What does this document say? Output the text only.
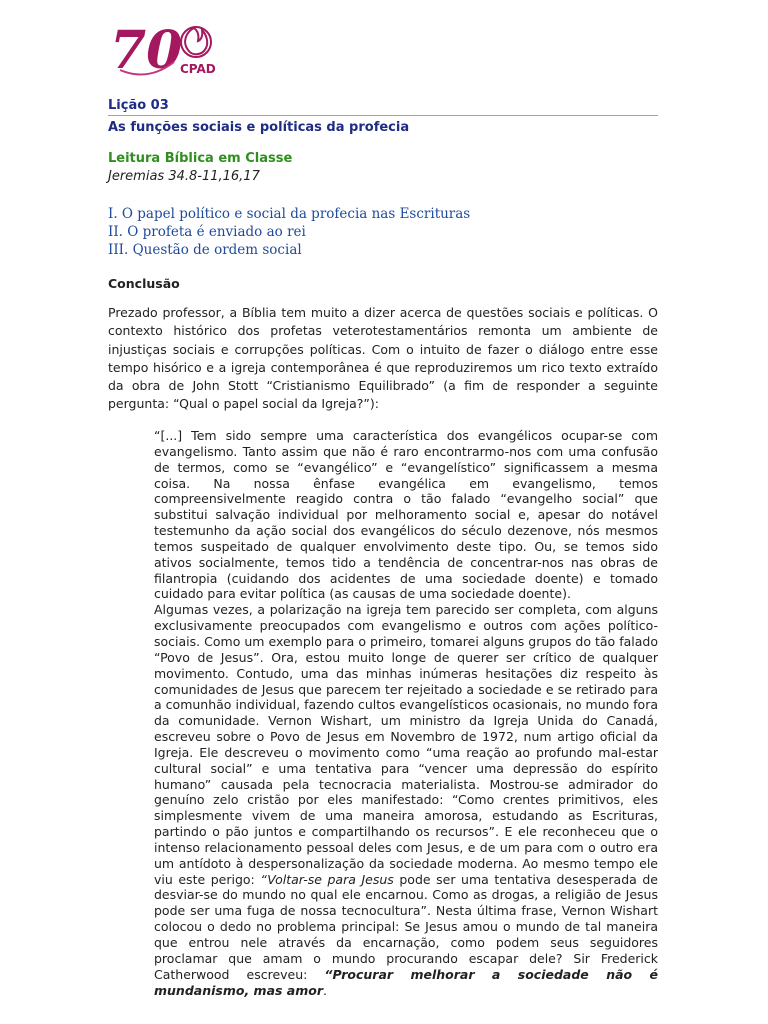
70
CPAD
Lição 03
As funções sociais e políticas da profecia
Leitura Bíblica em Classe
Jeremias 34.8-11,16,17
I. O papel político e social da profecia nas Escrituras
II. O profeta é enviado ao rei
III. Questão de ordem social
Conclusão

Prezado professor, a Bíblia tem muito a dizer acerca de questões sociais e políticas. O contexto histórico dos profetas veterotestamentários remonta um ambiente de injustiças sociais e corrupções políticas. Com o intuito de fazer o diálogo entre esse tempo hisórico e a igreja contemporânea é que reproduziremos um rico texto extraído da obra de John Stott “Cristianismo Equilibrado” (a fim de responder a seguinte pergunta: “Qual o papel social da Igreja?”):

“[...] Tem sido sempre uma característica dos evangélicos ocupar-se com evangelismo. Tanto assim que não é raro encontrarmo-nos com uma confusão de termos, como se “evangélico” e “evangelístico” significassem a mesma coisa. Na nossa ênfase evangélica em evangelismo, temos compreensivelmente reagido contra o tão falado “evangelho social” que substitui salvação individual por melhoramento social e, apesar do notável testemunho da ação social dos evangélicos do século dezenove, nós mesmos temos suspeitado de qualquer envolvimento deste tipo. Ou, se temos sido ativos socialmente, temos tido a tendência de concentrar-nos nas obras de filantropia (cuidando dos acidentes de uma sociedade doente) e tomado cuidado para evitar política (as causas de uma sociedade doente).

Algumas vezes, a polarização na igreja tem parecido ser completa, com alguns exclusivamente preocupados com evangelismo e outros com ações político-sociais. Como um exemplo para o primeiro, tomarei alguns grupos do tão falado “Povo de Jesus”. Ora, estou muito longe de querer ser crítico de qualquer movimento. Contudo, uma das minhas inúmeras hesitações diz respeito às comunidades de Jesus que parecem ter rejeitado a sociedade e se retirado para a comunhão individual, fazendo cultos evangelísticos ocasionais, no mundo fora da comunidade. Vernon Wishart, um ministro da Igreja Unida do Canadá, escreveu sobre o Povo de Jesus em Novembro de 1972, num artigo oficial da Igreja. Ele descreveu o movimento como “uma reação ao profundo mal-estar cultural social” e uma tentativa para “vencer uma depressão do espírito humano” causada pela tecnocracia materialista. Mostrou-se admirador do genuíno zelo cristão por eles manifestado: “Como crentes primitivos, eles simplesmente vivem de uma maneira amorosa, estudando as Escrituras, partindo o pão juntos e compartilhando os recursos”. E ele reconheceu que o intenso relacionamento pessoal deles com Jesus, e de um para com o outro era um antídoto à despersonalização da sociedade moderna. Ao mesmo tempo ele viu este perigo: “Voltar-se para Jesus pode ser uma tentativa desesperada de desviar-se do mundo no qual ele encarnou. Como as drogas, a religião de Jesus pode ser uma fuga de nossa tecnocultura”. Nesta última frase, Vernon Wishart colocou o dedo no problema principal: Se Jesus amou o mundo de tal maneira que entrou nele através da encarnação, como podem seus seguidores proclamar que amam o mundo procurando escapar dele? Sir Frederick Catherwood escreveu: “Procurar melhorar a sociedade não é mundanismo, mas amor.
